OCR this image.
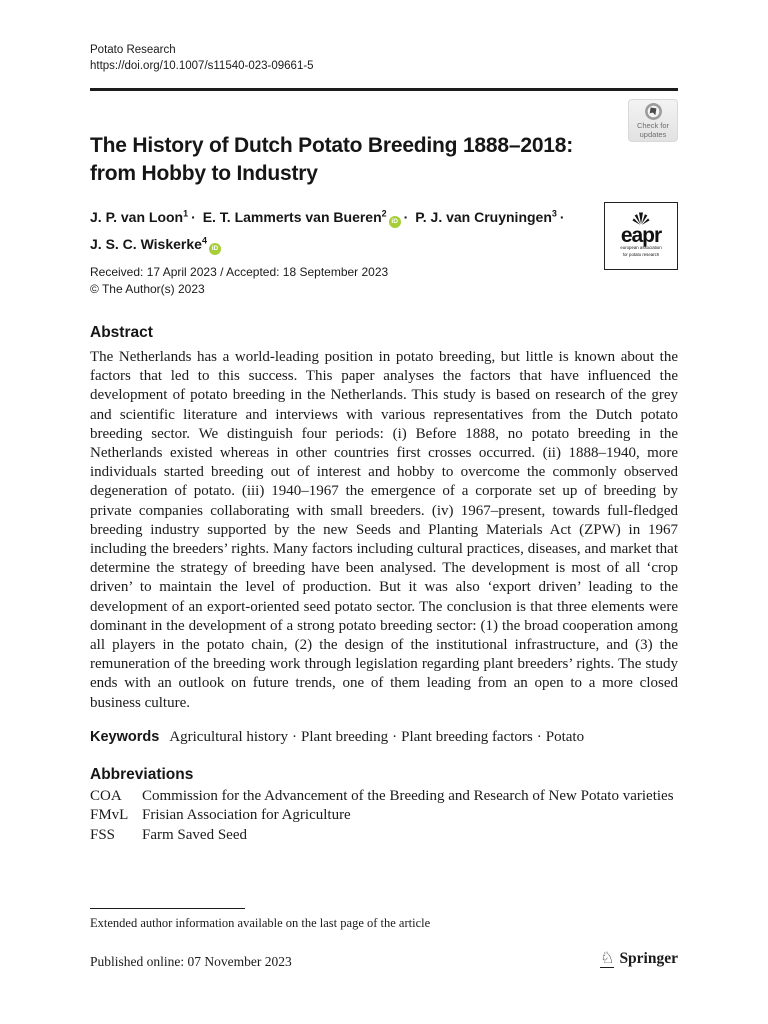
Potato Research
https://doi.org/10.1007/s11540-023-09661-5
Check for updates
The History of Dutch Potato Breeding 1888–2018:
from Hobby to Industry
J. P. van Loon$^1$ · E. T. Lammerts van Bueren$^2$iD · P. J. van Cruyningen$^3$ ·
J. S. C. Wiskerke$^4$iD
eapr
european association
for potato research
Received: 17 April 2023 / Accepted: 18 September 2023
© The Author(s) 2023
Abstract

The Netherlands has a world-leading position in potato breeding, but little is known about the factors that led to this success. This paper analyses the factors that have influenced the development of potato breeding in the Netherlands. This study is based on research of the grey and scientific literature and interviews with various representatives from the Dutch potato breeding sector. We distinguish four periods: (i) Before 1888, no potato breeding in the Netherlands existed whereas in other countries first crosses occurred. (ii) 1888–1940, more individuals started breeding out of interest and hobby to overcome the commonly observed degeneration of potato. (iii) 1940–1967 the emergence of a corporate set up of breeding by private companies collaborating with small breeders. (iv) 1967–present, towards full-fledged breeding industry supported by the new Seeds and Planting Materials Act (ZPW) in 1967 including the breeders’ rights. Many factors including cultural practices, diseases, and market that determine the strategy of breeding have been analysed. The development is most of all ‘crop driven’ to maintain the level of production. But it was also ‘export driven’ leading to the development of an export-oriented seed potato sector. The conclusion is that three elements were dominant in the development of a strong potato breeding sector: (1) the broad cooperation among all players in the potato chain, (2) the design of the institutional infrastructure, and (3) the remuneration of the breeding work through legislation regarding plant breeders’ rights. The study ends with an outlook on future trends, one of them leading from an open to a more closed business culture.

Keywords Agricultural history · Plant breeding · Plant breeding factors · Potato
Abbreviations
COA	Commission for the Advancement of the Breeding and Research of New Potato varieties
FMvL Frisian Association for Agriculture
FSS	Farm Saved Seed
Extended author information available on the last page of the article
Published online: 07 November 2023 ♘	Springer
